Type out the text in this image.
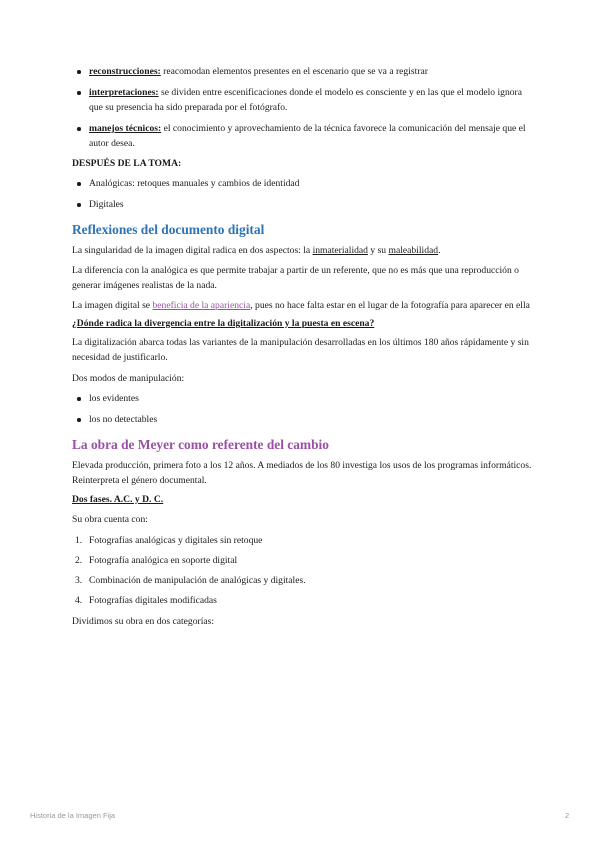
reconstrucciones: reacomodan elementos presentes en el escenario que se va a registrar
interpretaciones: se dividen entre escenificaciones donde el modelo es consciente y en las que el modelo ignora que su presencia ha sido preparada por el fotógrafo.
manejos técnicos: el conocimiento y aprovechamiento de la técnica favorece la comunicación del mensaje que el autor desea.

DESPUÉS DE LA TOMA:

Analógicas: retoques manuales y cambios de identidad
Digitales
Reflexiones del documento digital

La singularidad de la imagen digital radica en dos aspectos: la inmaterialidad y su maleabilidad.

La diferencia con la analógica es que permite trabajar a partir de un referente, que no es más que una reproducción o generar imágenes realistas de la nada.

La imagen digital se beneficia de la apariencia, pues no hace falta estar en el lugar de la fotografía para aparecer en ella

¿Dónde radica la divergencia entre la digitalización y la puesta en escena?

La digitalización abarca todas las variantes de la manipulación desarrolladas en los últimos 180 años rápidamente y sin necesidad de justificarlo.

Dos modos de manipulación:

los evidentes
los no detectables
La obra de Meyer como referente del cambio

Elevada producción, primera foto a los 12 años. A mediados de los 80 investiga los usos de los programas informáticos. Reinterpreta el género documental.

Dos fases. A.C. y D. C.

Su obra cuenta con:

1. Fotografías analógicas y digitales sin retoque
2. Fotografía analógica en soporte digital
3. Combinación de manipulación de analógicas y digitales.
4. Fotografías digitales modificadas

Dividimos su obra en dos categorías:

Historia de la Imagen Fija	2
